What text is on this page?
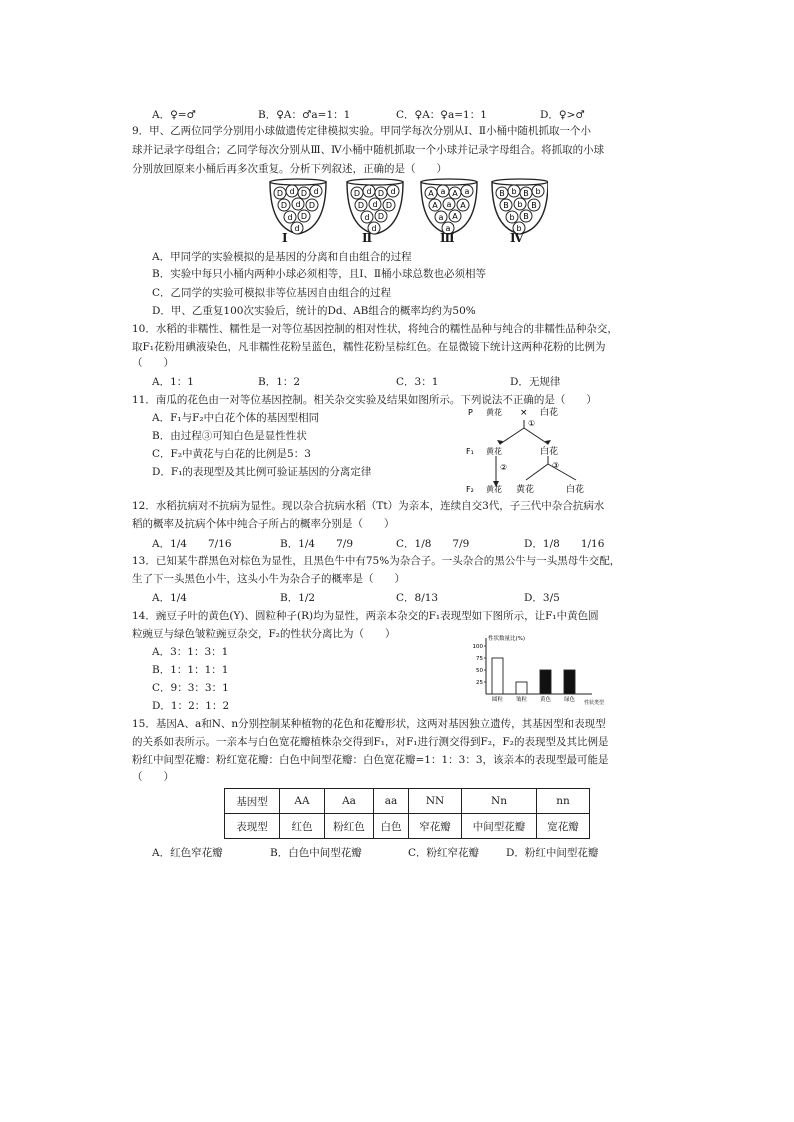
A．♀=♂	B．♀A：♂a=1：1	C．♀A：♀a=1：1	D．♀>♂
9．甲、乙两位同学分别用小球做遗传定律模拟实验。甲同学每次分别从Ⅰ、Ⅱ小桶中随机抓取一个小
球并记录字母组合；乙同学每次分别从Ⅲ、Ⅳ小桶中随机抓取一个小球并记录字母组合。将抓取的小球
分别放回原来小桶后再多次重复。分析下列叙述，正确的是（　　）
D d D d
D d D
d D
d
D d D d
D d D
d D
d
A a A a
A a A
a A
a
B b B b
B b B
b B
b
Ⅰ	Ⅱ	Ⅲ	Ⅳ
A．甲同学的实验模拟的是基因的分离和自由组合的过程
B．实验中每只小桶内两种小球必须相等，且Ⅰ、Ⅱ桶小球总数也必须相等
C．乙同学的实验可模拟非等位基因自由组合的过程
D．甲、乙重复100次实验后，统计的Dd、AB组合的概率均约为50%
10．水稻的非糯性、糯性是一对等位基因控制的相对性状，将纯合的糯性品种与纯合的非糯性品种杂交，
取F₁花粉用碘液染色，凡非糯性花粉呈蓝色，糯性花粉呈棕红色。在显微镜下统计这两种花粉的比例为
（　　）
A．1：1	B．1：2	C．3：1	D．无规律
11．南瓜的花色由一对等位基因控制。相关杂交实验及结果如图所示。下列说法不正确的是（　　）
A．F₁与F₂中白花个体的基因型相同
B．由过程③可知白色是显性性状
C．F₂中黄花与白花的比例是5：3
D．F₁的表现型及其比例可验证基因的分离定律
P 黄花 × 白花
①
F₁ 黄花	白花
②	③
F₂ 黄花 黄花	白花
12．水稻抗病对不抗病为显性。现以杂合抗病水稻（Tt）为亲本，连续自交3代，子三代中杂合抗病水
稻的概率及抗病个体中纯合子所占的概率分别是（　　）
A．1/4　　7/16	B．1/4　　7/9	C．1/8　　7/9	D．1/8　　1/16
13．已知某牛群黑色对棕色为显性，且黑色牛中有75%为杂合子。一头杂合的黑公牛与一头黑母牛交配，
生了下一头黑色小牛，这头小牛为杂合子的概率是（　　）
A．1/4	B．1/2	C．8/13	D．3/5
14．豌豆子叶的黄色(Y)、圆粒种子(R)均为显性，两亲本杂交的F₁表现型如下图所示，让F₁中黄色圆
粒豌豆与绿色皱粒豌豆杂交，F₂的性状分离比为（　　）
A．3：1：3：1
B．1：1：1：1
C．9：3：3：1
D．1：2：1：2
性状数量比(%)
25
50
75
100
圆粒 皱粒 黄色 绿色 性状类型
15．基因A、a和N、n分别控制某种植物的花色和花瓣形状，这两对基因独立遗传，其基因型和表现型
的关系如表所示。一亲本与白色宽花瓣植株杂交得到F₁，对F₁进行测交得到F₂，F₂的表现型及其比例是
粉红中间型花瓣：粉红宽花瓣：白色中间型花瓣：白色宽花瓣=1：1：3：3，该亲本的表现型最可能是
（　　）
基因型	AA	Aa	aa	NN	Nn	nn
表现型	红色	粉红色	白色	窄花瓣	中间型花瓣	宽花瓣
A．红色窄花瓣	B．白色中间型花瓣	C．粉红窄花瓣	D．粉红中间型花瓣
